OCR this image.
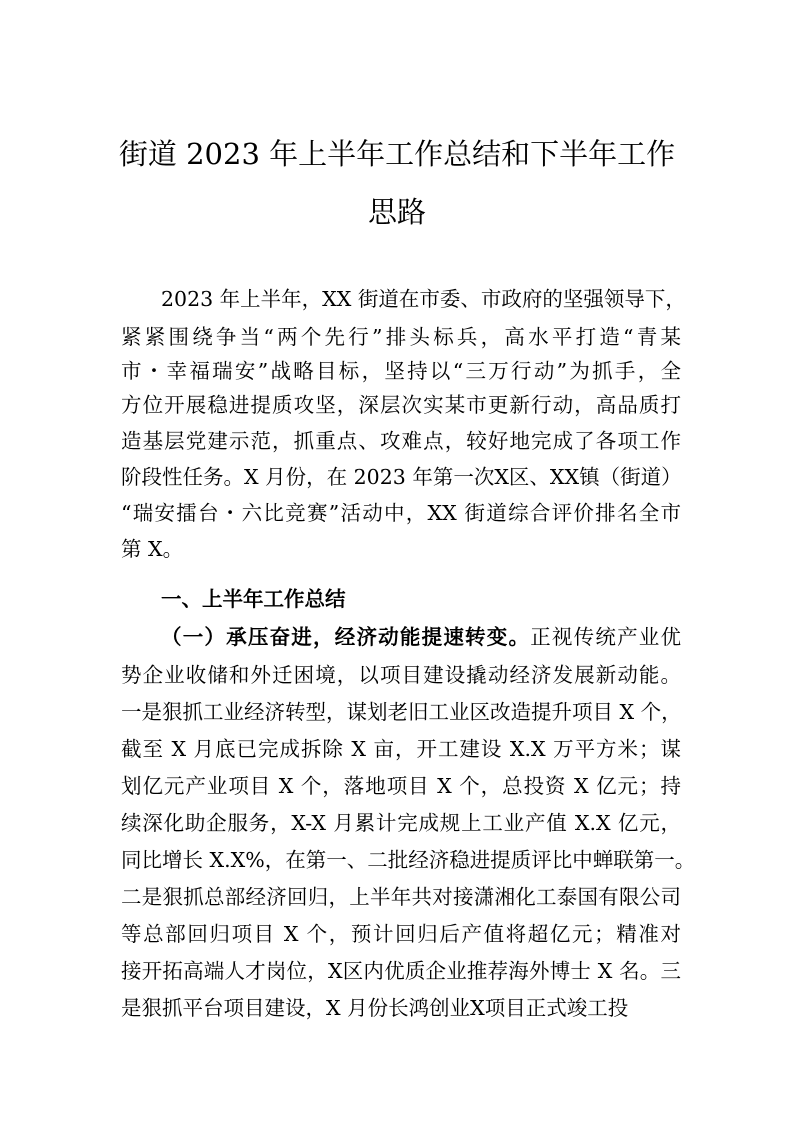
街道 2023 年上半年工作总结和下半年工作
思路
2023 年上半年，XX 街道在市委、市政府的坚强领导下，
紧紧围绕争当“两个先行”排头标兵，高水平打造“青某
市・幸福瑞安”战略目标，坚持以“三万行动”为抓手，全
方位开展稳进提质攻坚，深层次实某市更新行动，高品质打
造基层党建示范，抓重点、攻难点，较好地完成了各项工作
阶段性任务。X 月份，在 2023 年第一次X区、XX镇（街道）
“瑞安擂台・六比竞赛”活动中，XX 街道综合评价排名全市
第 X。
一、上半年工作总结
（一）承压奋进，经济动能提速转变。正视传统产业优
势企业收储和外迁困境，以项目建设撬动经济发展新动能。
一是狠抓工业经济转型，谋划老旧工业区改造提升项目 X 个，
截至 X 月底已完成拆除 X 亩，开工建设 X.X 万平方米；谋
划亿元产业项目 X 个，落地项目 X 个，总投资 X 亿元；持
续深化助企服务，X-X 月累计完成规上工业产值 X.X 亿元，
同比增长 X.X%，在第一、二批经济稳进提质评比中蝉联第一。
二是狠抓总部经济回归，上半年共对接潇湘化工泰国有限公司
等总部回归项目 X 个，预计回归后产值将超亿元；精准对
接开拓高端人才岗位，X区内优质企业推荐海外博士 X 名。三
是狠抓平台项目建设，X 月份长鸿创业X项目正式竣工投
